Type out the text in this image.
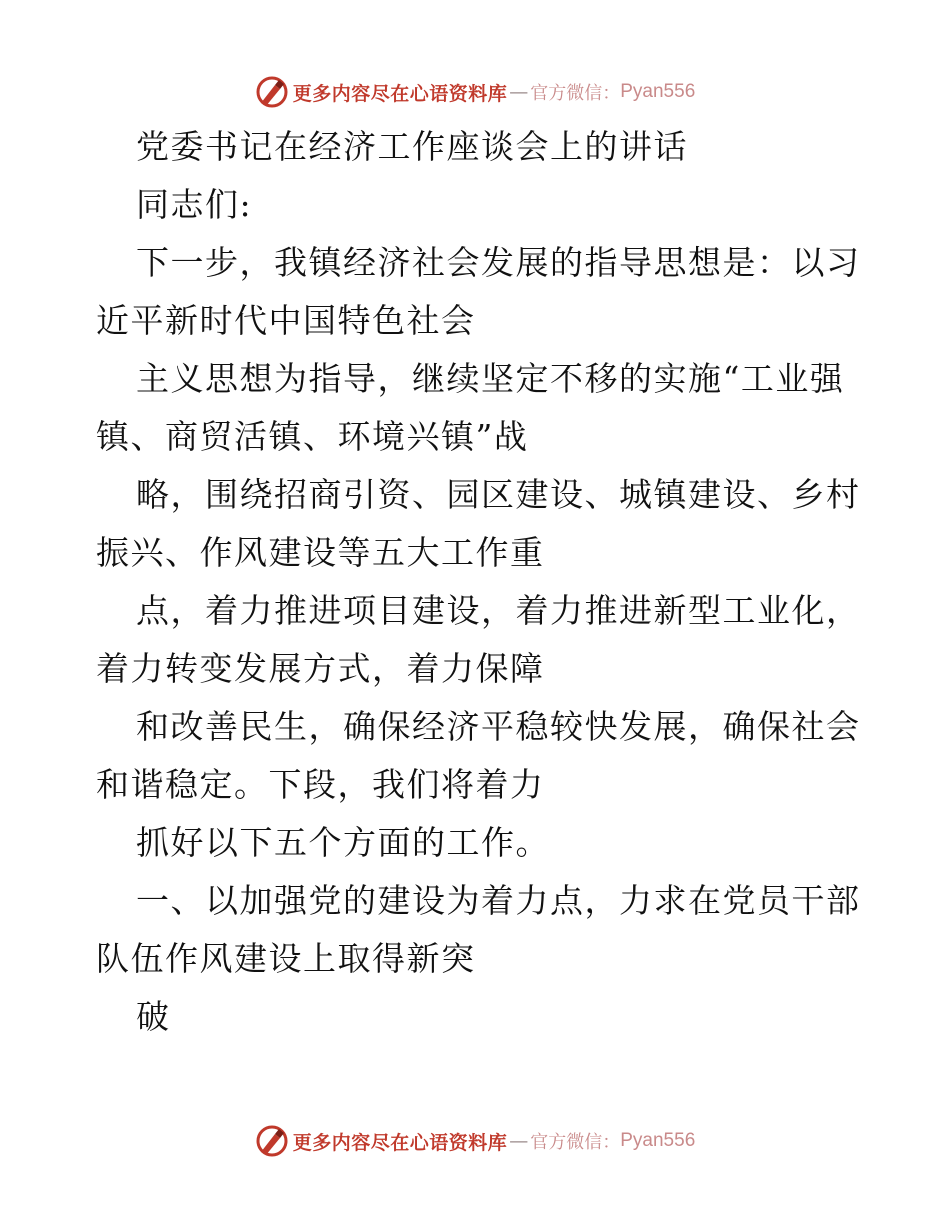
更多内容尽在心语资料库 — 官方微信： Pyan556
党委书记在经济工作座谈会上的讲话
同志们:
下一步，我镇经济社会发展的指导思想是：以习
近平新时代中国特色社会
主义思想为指导，继续坚定不移的实施“工业强
镇、商贸活镇、环境兴镇”战
略，围绕招商引资、园区建设、城镇建设、乡村
振兴、作风建设等五大工作重
点，着力推进项目建设，着力推进新型工业化，
着力转变发展方式，着力保障
和改善民生，确保经济平稳较快发展，确保社会
和谐稳定。下段，我们将着力
抓好以下五个方面的工作。
一、以加强党的建设为着力点，力求在党员干部
队伍作风建设上取得新突
破
更多内容尽在心语资料库 — 官方微信： Pyan556
